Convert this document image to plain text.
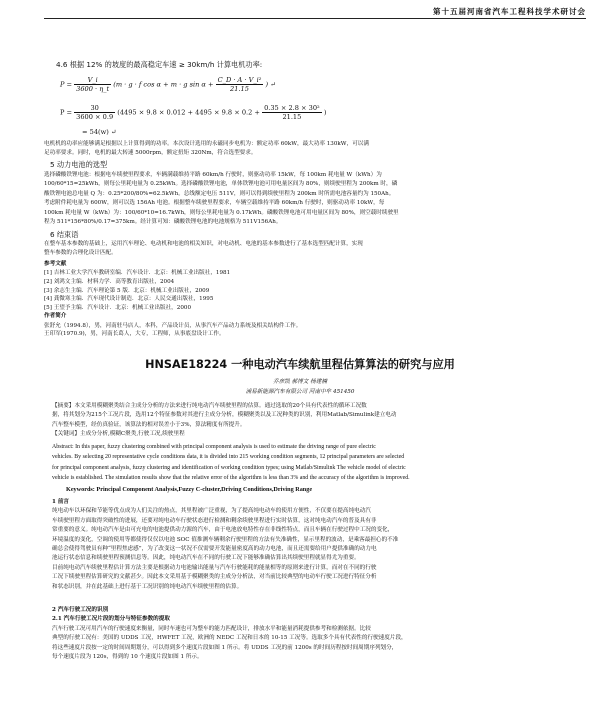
第十五届河南省汽车工程科技学术研讨会
4.6 根据 12% 的坡度的最高稳定车速 ≥ 30km/h 计算电机功率:
$P = \frac{V\_i}{3600 \cdot \eta\_t} (m \cdot g \cdot f$ cos α + m · g $\sin \alpha + \frac{\text{C\_D · A · V\_i²}}{21.15}$ ) ↵
$P = \frac{30}{3600 \times 0.9} (4495 \times 9.8 \times 0.012 + 4495 \times 9.8 \times 0.2 + \frac{\text{0.35 × 2.8 × 30²}}{21.15}$ )
= 54(w) ↵
电机机的功率应能够满足根据以上计算得到的功率。本次设计选用的永磁同步电机为：额定功率 60kW，最大功率 130kW，可以满
足功率要求。同时，电机的最大转速 5000rpm，额定扭矩 320Nm，符合选型要求。
5 动力电池的选型
选择磷酸铁锂电池：根据电车续驶里程要求，车辆满载维持平路 60km/h 行驶时，则驱动功率 15kW，每 100km 耗电量 W（kWh）为
100/60*15=25kWh，则每公里耗电量为 0.25kWh。选择磷酸铁锂电池，单体铁锂电池可用电量区间为 80%，则续驶里程为 200km 时，磷
酸铁锂电池总电量 Q 为：0.25*200/80%=62.5kWh。总线额定电压 511V，则可以得到续驶里程为 200km 时所需电池容量约为 150Ah。
考虑附件耗电量为 600W，则可以选 156Ah 电池。根据整车续驶里程要求，车辆空载维持平路 60km/h 行驶时，则驱动功率 10kW，每
100km 耗电量 W（kWh）为：100/60*10=16.7kWh，则每公里耗电量为 0.17kWh。磷酸铁锂电池可用电量区间为 80%，则空载时续驶里
程为 511*156*80%/0.17=375km。经计算可知：磷酸铁锂电池的电池规格为 511V156Ah。
6 结束语
在整车基本参数的基础上，运用汽车理论、电动机和电池的相关知识，对电动机、电池的基本参数进行了基本选型匹配计算，实现
整车参数的合理化设计匹配。
参考文献
[1] 吉林工业大学汽车教研室编．汽车设计．北京：机械工业出版社，1981
[2] 刘鸿文主编．材料力学．高等教育出版社，2004
[3] 余志生主编．汽车理论第 5 版．北京：机械工业出版社，2009
[4] 龚微寒主编．汽车现代设计制造．北京：人民交通出版社，1995
[5] 王望予主编．汽车设计．北京：机械工业出版社，2000
作者简介
张舒允（1994.8），男，河南驻马店人，本科，产品设计员，从事汽车产品动力系统及相关结构件工作。
王印军(1970.9)，男，河南长葛人，大专，工程师，从事底盘设计工作。
HNSAE18224 一种电动汽车续航里程估算算法的研究与应用
乔彦凯 郝博文 杨建楠
浦易新能源汽车有限公司 河南中牟 451450
【摘要】本文采用模糊聚类结合主成分分析的方法来进行纯电动汽车续驶里程的估算。通过选取的20个具有代表性的循环工况数
据，将其划分为215个工况片段，选用12个特征参数对其进行主成分分析，模糊聚类以及工况种类的识别，利用Matlab/Simulink建立电动
汽车整车模型，经仿真验证，该算法的相对误差小于3%，算法精度有所提升。
【关键词】主成分分析,模糊C聚类,行驶工况,续驶里程
Abstract: In this paper, fuzzy clustering combined with principal component analysis is used to estimate the driving range of pure electric
vehicles. By selecting 20 representative cycle conditions data, it is divided into 215 working condition segments, 12 principal parameters are selected
for principal component analysis, fuzzy clustering and identification of working condition types; using Matlab/Simulink The vehicle model of electric
vehicle is established. The simulation results show that the relative error of the algorithm is less than 3% and the accuracy of the algorithm is improved.
Keywords: Principal Component Analysis,Fuzzy C-cluster,Driving Conditions,Driving Range
1 前言
纯电动车以环保和节能等优点成为人们关注的热点，其里程被广泛重视，为了提高纯电动车的使用方便性，不仅要在提高纯电动汽
车续驶里程方面取得突破性的进展，还要对纯电动车行驶状态进行检测和剩余续驶里程进行实时估算，这对纯电动汽车的普及具有非
常重要的意义。纯电动汽车是由可充电的电池提供动力源的汽车，由于电池放电特性存在非线性特点，而且车辆在行驶过程中工况的变化，
环境温度的变化，空调的使用等都使得仅仅以电池 SOC 值推测车辆剩余行驶里程的方法有失准确性，显示里程的波动，是乘客最担心的不准
确总会使得驾驶员有种“里程焦虑感”，为了改变这一状况不仅需要开发能量密度高的动力电池，而且还需要给用户提供准确的动力电
池运行状态信息和续驶里程预测信息等。因此，纯电动汽车在不同的行驶工况下能够准确估算出其续驶里程就显得尤为重要。
目前纯电动汽车续驶里程估计算方法主要是根据动力电池输出能量与汽车行驶能耗的能量相等的原则来进行计算，而对在不同的行驶
工况下续驶里程估算研究的文献甚少。因此本文采用基于模糊聚类的主成分分析法，对当前比较典型的电动车行驶工况进行特征分析
和状态识别，并在此基础上进行基于工况识别的纯电动汽车续驶里程的估算。
2 汽车行驶工况的识别
2.1 汽车行驶工况片段的划分与特征参数的提取
汽车行驶工况可用汽车的行驶速度来衡量，同时车速也可为整车的能力匹配设计，排放水平和能量消耗提供参考和检测依据。比较
典型的行驶工况有：美国的 UDDS 工况，HWFET 工况，欧洲的 NEDC 工况和日本的 10-15 工况等。选取多个具有代表性的行驶速度片段，
将这些速度片段按一定的时间周期划分，可以得到多个速度片段如图 1 所示。将 UDDS 工况的前 1200s 的时间历程按时间周期序列划分，
每个速度片段为 120s，得到的 10 个速度片段如图 1 所示。
